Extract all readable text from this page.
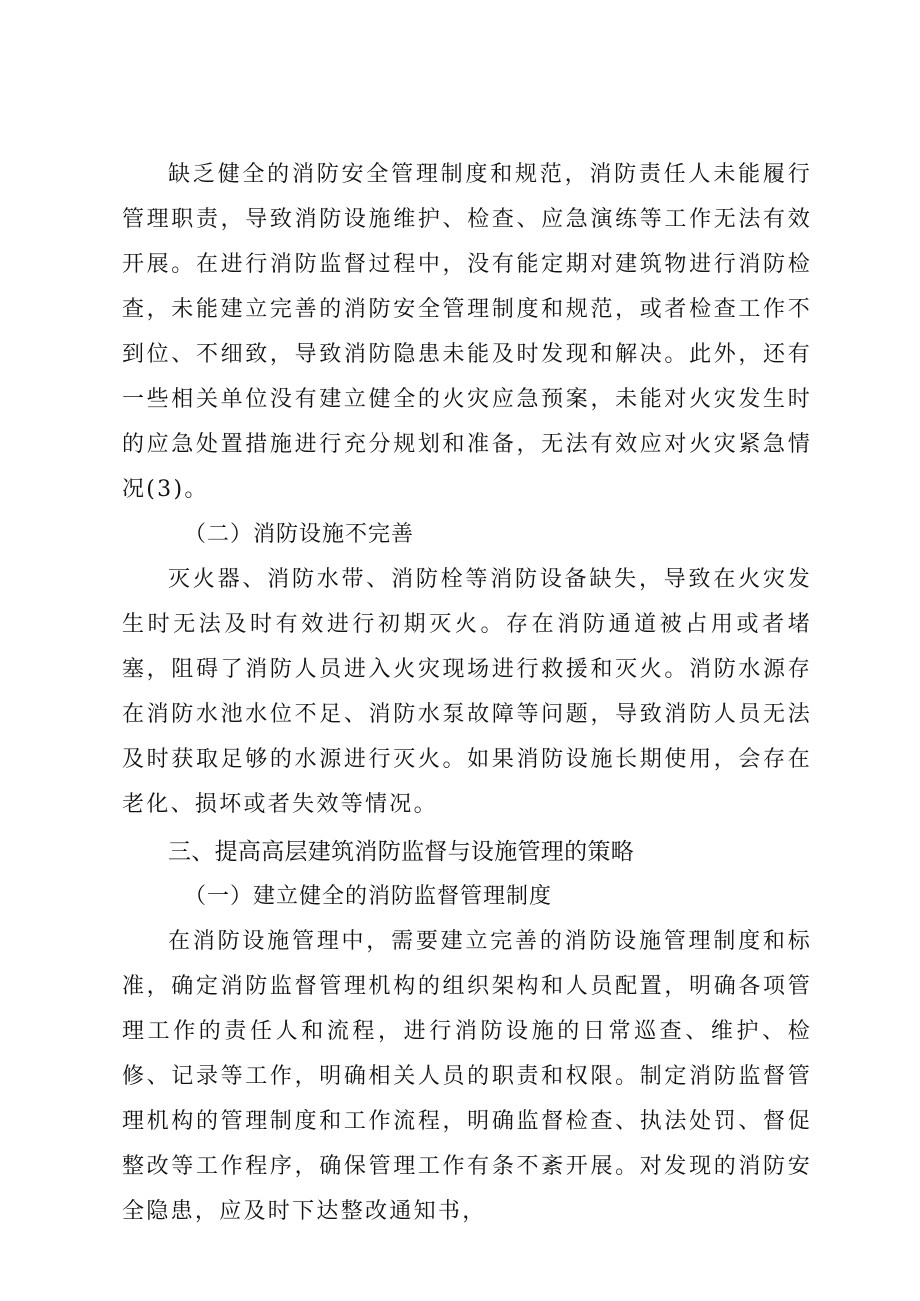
缺乏健全的消防安全管理制度和规范，消防责任人未能履行管理职责，导致消防设施维护、检查、应急演练等工作无法有效开展。在进行消防监督过程中，没有能定期对建筑物进行消防检查，未能建立完善的消防安全管理制度和规范，或者检查工作不到位、不细致，导致消防隐患未能及时发现和解决。此外，还有一些相关单位没有建立健全的火灾应急预案，未能对火灾发生时的应急处置措施进行充分规划和准备，无法有效应对火灾紧急情况(3)。

（二）消防设施不完善

灭火器、消防水带、消防栓等消防设备缺失，导致在火灾发生时无法及时有效进行初期灭火。存在消防通道被占用或者堵塞，阻碍了消防人员进入火灾现场进行救援和灭火。消防水源存在消防水池水位不足、消防水泵故障等问题，导致消防人员无法及时获取足够的水源进行灭火。如果消防设施长期使用，会存在老化、损坏或者失效等情况。

三、提高高层建筑消防监督与设施管理的策略

（一）建立健全的消防监督管理制度

在消防设施管理中，需要建立完善的消防设施管理制度和标准，确定消防监督管理机构的组织架构和人员配置，明确各项管理工作的责任人和流程，进行消防设施的日常巡查、维护、检修、记录等工作，明确相关人员的职责和权限。制定消防监督管理机构的管理制度和工作流程，明确监督检查、执法处罚、督促整改等工作程序，确保管理工作有条不紊开展。对发现的消防安全隐患，应及时下达整改通知书，
